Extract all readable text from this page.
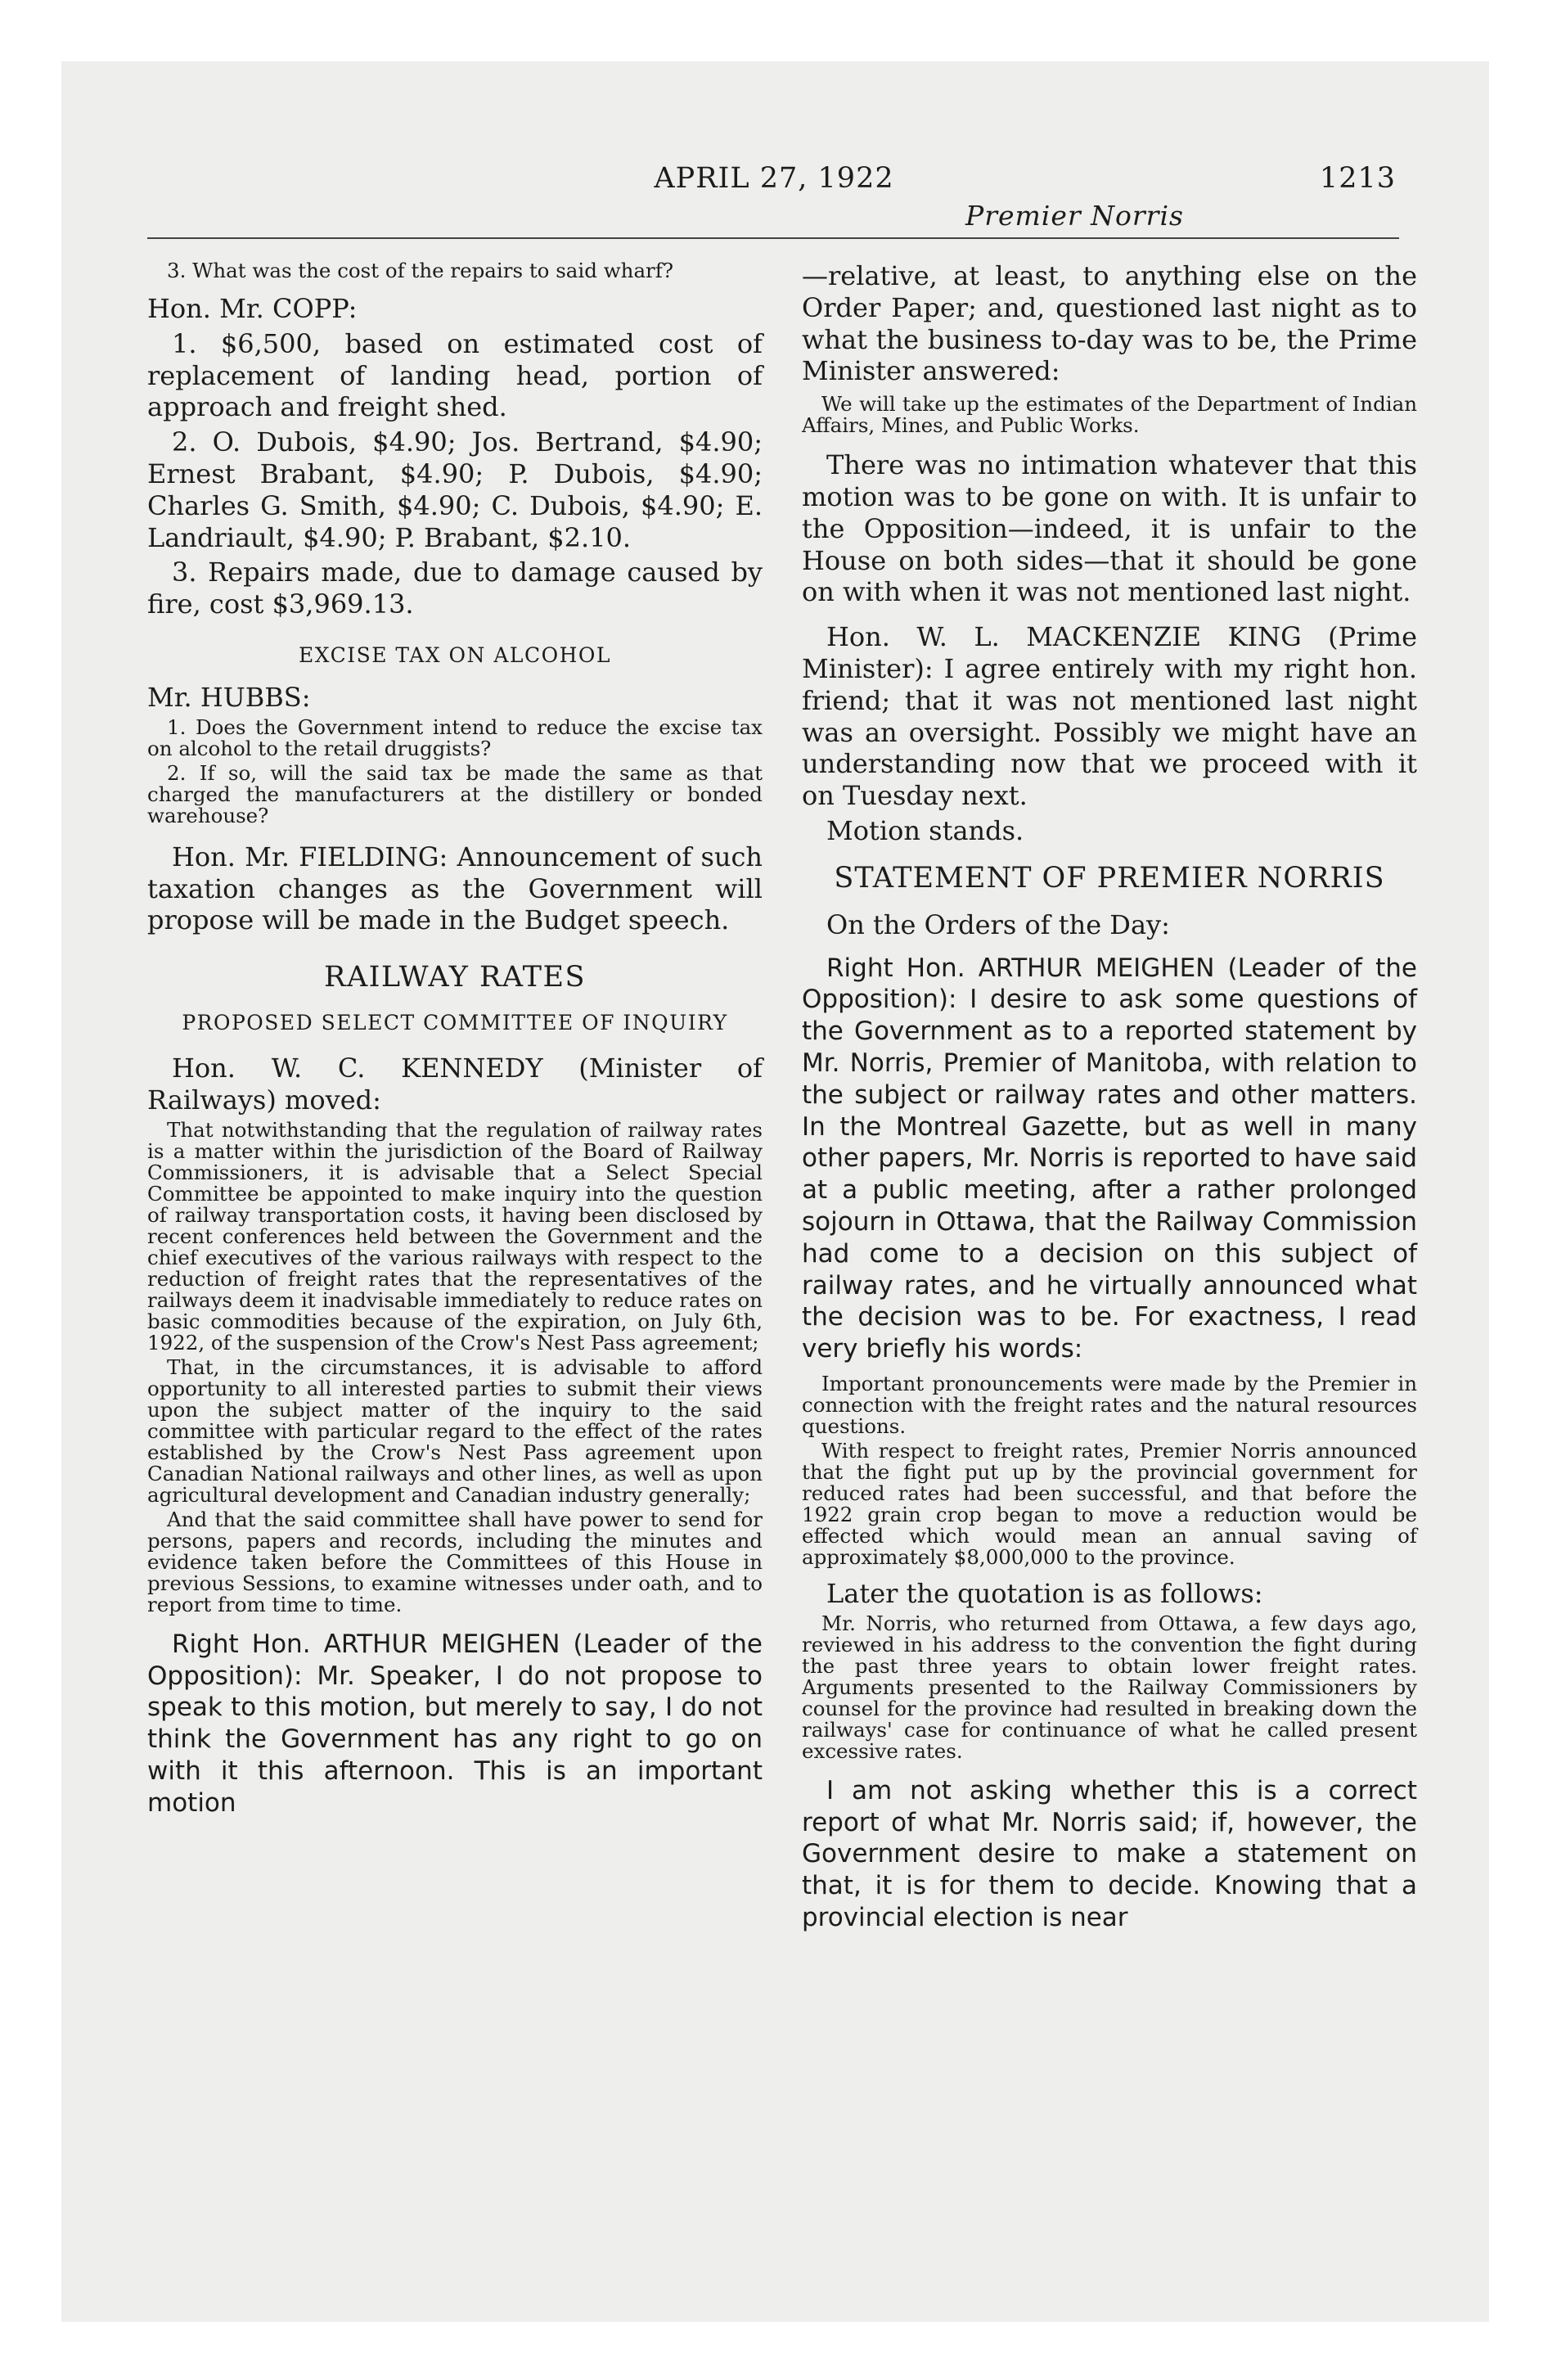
APRIL 27, 1922	1213
Premier Norris

3. What was the cost of the repairs to said wharf?

Hon. Mr. COPP:

1. $6,500, based on estimated cost of replacement of landing head, portion of approach and freight shed.

2. O. Dubois, $4.90; Jos. Bertrand, $4.90; Ernest Brabant, $4.90; P. Dubois, $4.90; Charles G. Smith, $4.90; C. Dubois, $4.90; E. Landriault, $4.90; P. Brabant, $2.10.

3. Repairs made, due to damage caused by fire, cost $3,969.13.

EXCISE TAX ON ALCOHOL

Mr. HUBBS:

1. Does the Government intend to reduce the excise tax on alcohol to the retail druggists?

2. If so, will the said tax be made the same as that charged the manufacturers at the distillery or bonded warehouse?

Hon. Mr. FIELDING: Announcement of such taxation changes as the Government will propose will be made in the Budget speech.

RAILWAY RATES
PROPOSED SELECT COMMITTEE OF INQUIRY

Hon. W. C. KENNEDY (Minister of Railways) moved:

That notwithstanding that the regulation of railway rates is a matter within the jurisdiction of the Board of Railway Commissioners, it is advisable that a Select Special Committee be appointed to make inquiry into the question of railway transportation costs, it having been disclosed by recent conferences held between the Government and the chief executives of the various railways with respect to the reduction of freight rates that the representatives of the railways deem it inadvisable immediately to reduce rates on basic commodities because of the expiration, on July 6th, 1922, of the suspension of the Crow's Nest Pass agreement;

That, in the circumstances, it is advisable to afford opportunity to all interested parties to submit their views upon the subject matter of the inquiry to the said committee with particular regard to the effect of the rates established by the Crow's Nest Pass agreement upon Canadian National railways and other lines, as well as upon agricultural development and Canadian industry generally;

And that the said committee shall have power to send for persons, papers and records, including the minutes and evidence taken before the Committees of this House in previous Sessions, to examine witnesses under oath, and to report from time to time.

Right Hon. ARTHUR MEIGHEN (Leader of the Opposition): Mr. Speaker, I do not propose to speak to this motion, but merely to say, I do not think the Government has any right to go on with it this afternoon. This is an important motion

—relative, at least, to anything else on the Order Paper; and, questioned last night as to what the business to-day was to be, the Prime Minister answered:

We will take up the estimates of the Department of Indian Affairs, Mines, and Public Works.

There was no intimation whatever that this motion was to be gone on with. It is unfair to the Opposition—indeed, it is unfair to the House on both sides—that it should be gone on with when it was not mentioned last night.

Hon. W. L. MACKENZIE KING (Prime Minister): I agree entirely with my right hon. friend; that it was not mentioned last night was an oversight. Possibly we might have an understanding now that we proceed with it on Tuesday next.

Motion stands.

STATEMENT OF PREMIER NORRIS

On the Orders of the Day:

Right Hon. ARTHUR MEIGHEN (Leader of the Opposition): I desire to ask some questions of the Government as to a reported statement by Mr. Norris, Premier of Manitoba, with relation to the subject or railway rates and other matters. In the Montreal Gazette, but as well in many other papers, Mr. Norris is reported to have said at a public meeting, after a rather prolonged sojourn in Ottawa, that the Railway Commission had come to a decision on this subject of railway rates, and he virtually announced what the decision was to be. For exactness, I read very briefly his words:

Important pronouncements were made by the Premier in connection with the freight rates and the natural resources questions.

With respect to freight rates, Premier Norris announced that the fight put up by the provincial government for reduced rates had been successful, and that before the 1922 grain crop began to move a reduction would be effected which would mean an annual saving of approximately $8,000,000 to the province.

Later the quotation is as follows:

Mr. Norris, who returned from Ottawa, a few days ago, reviewed in his address to the convention the fight during the past three years to obtain lower freight rates. Arguments presented to the Railway Commissioners by counsel for the province had resulted in breaking down the railways' case for continuance of what he called present excessive rates.

I am not asking whether this is a correct report of what Mr. Norris said; if, however, the Government desire to make a statement on that, it is for them to decide. Knowing that a provincial election is near
